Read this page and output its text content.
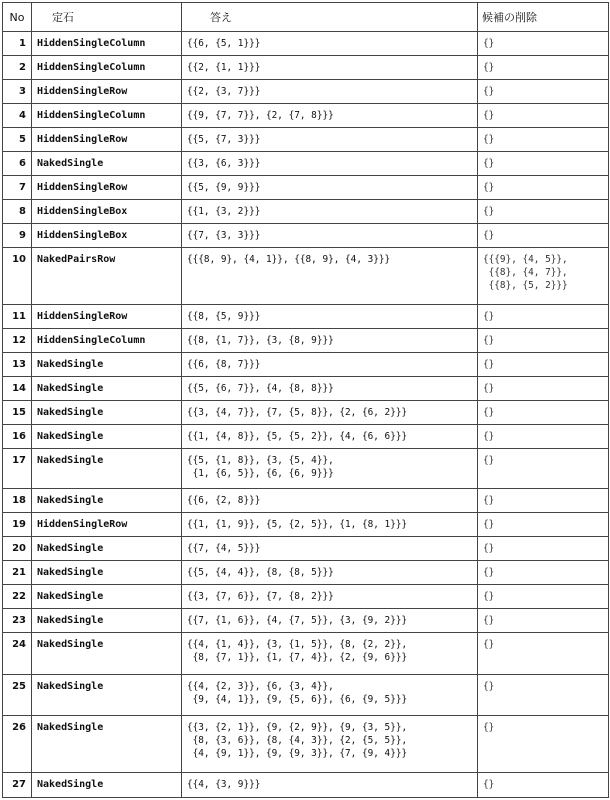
No	定石	答え	候補の削除
1	HiddenSingleColumn	{{6, {5, 1}}}	{}

2	HiddenSingleColumn	{{2, {1, 1}}}	{}

3	HiddenSingleRow	{{2, {3, 7}}}	{}

4	HiddenSingleColumn	{{9, {7, 7}}, {2, {7, 8}}}	{}

5	HiddenSingleRow	{{5, {7, 3}}}	{}

6	NakedSingle	{{3, {6, 3}}}	{}

7	HiddenSingleRow	{{5, {9, 9}}}	{}

8	HiddenSingleBox	{{1, {3, 2}}}	{}

9	HiddenSingleBox	{{7, {3, 3}}}	{}

10	NakedPairsRow	{{{8, 9}, {4, 1}}, {{8, 9}, {4, 3}}}	{{{9}, {4, 5}},
{{8}, {4, 7}},
{{8}, {5, 2}}}

11	HiddenSingleRow	{{8, {5, 9}}}	{}

12	HiddenSingleColumn	{{8, {1, 7}}, {3, {8, 9}}}	{}

13	NakedSingle	{{6, {8, 7}}}	{}

14	NakedSingle	{{5, {6, 7}}, {4, {8, 8}}}	{}

15	NakedSingle	{{3, {4, 7}}, {7, {5, 8}}, {2, {6, 2}}}	{}

16	NakedSingle	{{1, {4, 8}}, {5, {5, 2}}, {4, {6, 6}}}	{}

17	NakedSingle	{{5, {1, 8}}, {3, {5, 4}},
{1, {6, 5}}, {6, {6, 9}}}	{}

18	NakedSingle	{{6, {2, 8}}}	{}

19	HiddenSingleRow	{{1, {1, 9}}, {5, {2, 5}}, {1, {8, 1}}}	{}

20	NakedSingle	{{7, {4, 5}}}	{}

21	NakedSingle	{{5, {4, 4}}, {8, {8, 5}}}	{}

22	NakedSingle	{{3, {7, 6}}, {7, {8, 2}}}	{}

23	NakedSingle	{{7, {1, 6}}, {4, {7, 5}}, {3, {9, 2}}}	{}

24	NakedSingle	{{4, {1, 4}}, {3, {1, 5}}, {8, {2, 2}},
{8, {7, 1}}, {1, {7, 4}}, {2, {9, 6}}}	{}

25	NakedSingle	{{4, {2, 3}}, {6, {3, 4}},
{9, {4, 1}}, {9, {5, 6}}, {6, {9, 5}}}	{}

26	NakedSingle	{{3, {2, 1}}, {9, {2, 9}}, {9, {3, 5}},
{8, {3, 6}}, {8, {4, 3}}, {2, {5, 5}},
{4, {9, 1}}, {9, {9, 3}}, {7, {9, 4}}}	{}

27	NakedSingle	{{4, {3, 9}}}	{}
